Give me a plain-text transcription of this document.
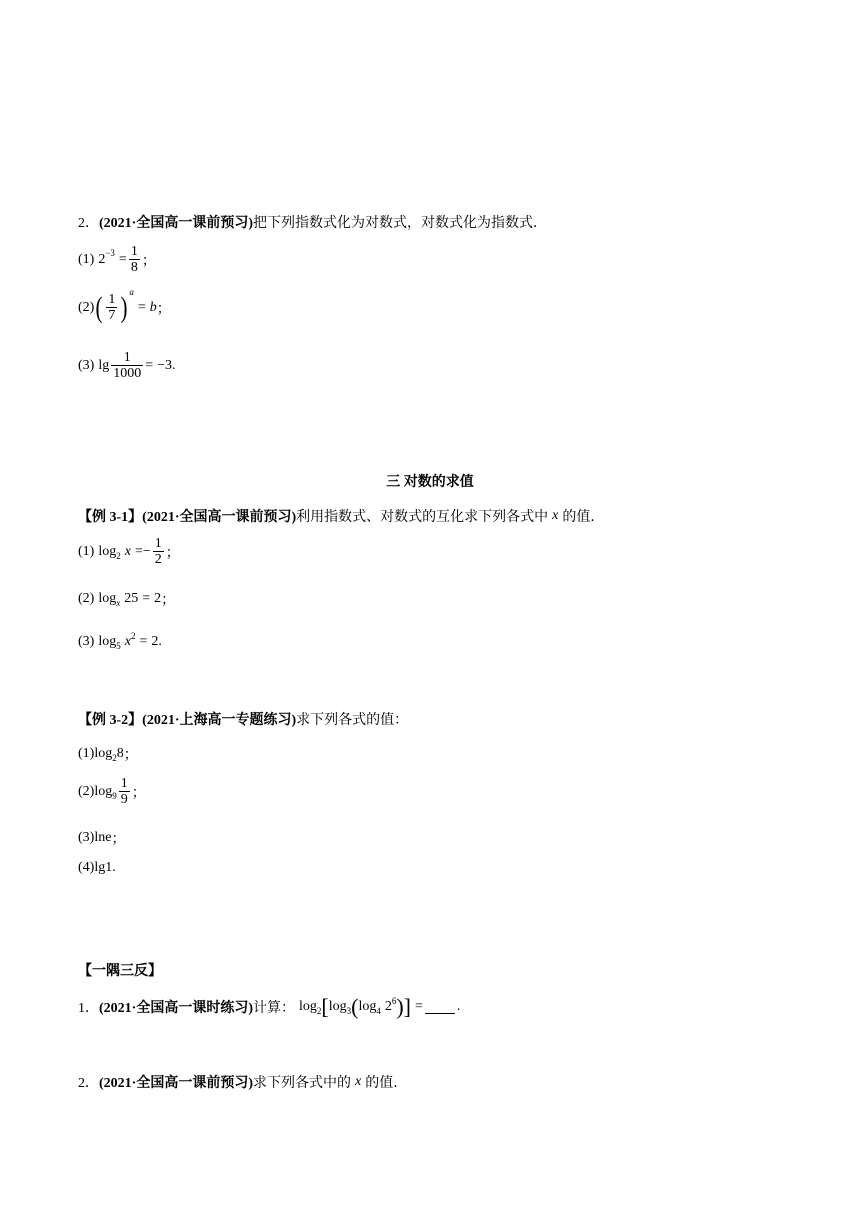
2． (2021·全国高一课前预习) 把下列指数式化为对数式，对数式化为指数式．
(1) $2^{-3} = \frac{1}{8}$ ；
(2) ( $\frac{1}{7} )^a$
= b ；
(3) $\lg \frac{1}{1000} = -3$ .
三 对数的求值
【例 3-1】 (2021·全国高一课前预习) 利用指数式、对数式的互化求下列各式中 x 的值．
(1) $\log_2 x$ = − $\frac{1}{2}$ ；
(2) $\log_x 25 = 2$ ；
(3) $\log_5 x^2 = 2$ .
【例 3-2】 (2021·上海高一专题练习) 求下列各式的值：
(1) $\log_2 8$ ；
(2) $\log_9 \frac{1}{9}$ ；
(3) lne ；
(4) lg1 .
【一隅三反】
1． (2021·全国高一课时练习) 计算： $\log_2$ [ $\log_3$ ( $\log_4 2^6$ ) ] = .
2． (2021·全国高一课前预习) 求下列各式中的 x 的值．
